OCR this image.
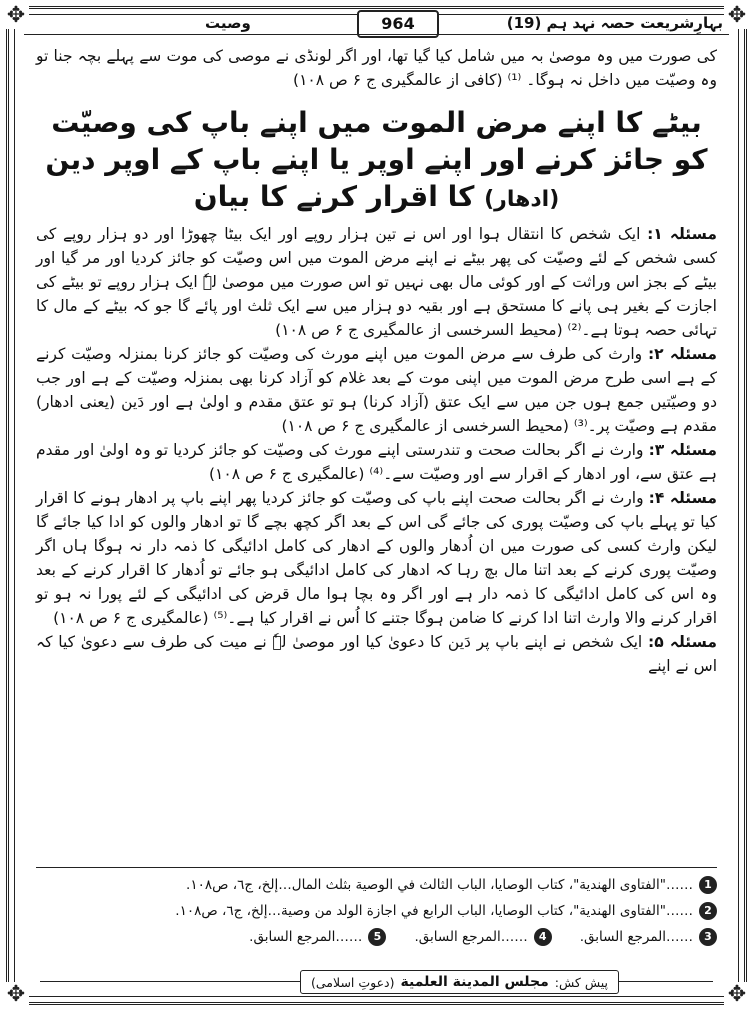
✥	✥
✥	✥
بہارِشریعت حصہ نہد ہم (19)
964
وصیت

کی صورت میں وہ موصیٰ بہ میں شامل کیا گیا تھا، اور اگر لونڈی نے موصی کی موت سے پہلے بچہ جنا تو وہ وصیّت میں داخل نہ ہوگا۔ ⁽¹⁾ (کافی از عالمگیری ج ۶ ص ۱۰۸)

بیٹے کا اپنے مرض الموت میں اپنے باپ کی وصیّت
کو جائز کرنے اور اپنے اوپر یا اپنے باپ کے اوپر دین
(ادھار) کا اقرار کرنے کا بیان

مسئلہ ۱: ایک شخص کا انتقال ہوا اور اس نے تین ہزار روپے اور ایک بیٹا چھوڑا اور دو ہزار روپے کی کسی شخص کے لئے وصیّت کی پھر بیٹے نے اپنے مرض الموت میں اس وصیّت کو جائز کردیا اور مر گیا اور بیٹے کے بجز اس وراثت کے اور کوئی مال بھی نہیں تو اس صورت میں موصیٰ لہٗ ایک ہزار روپے تو بیٹے کی اجازت کے بغیر ہی پانے کا مستحق ہے اور بقیہ دو ہزار میں سے ایک ثلث اور پائے گا جو کہ بیٹے کے مال کا تہائی حصہ ہوتا ہے۔⁽²⁾ (محیط السرخسی از عالمگیری ج ۶ ص ۱۰۸)

مسئلہ ۲: وارث کی طرف سے مرض الموت میں اپنے مورث کی وصیّت کو جائز کرنا بمنزلہ وصیّت کرنے کے ہے اسی طرح مرض الموت میں اپنی موت کے بعد غلام کو آزاد کرنا بھی بمنزلہ وصیّت کے ہے اور جب دو وصیّتیں جمع ہوں جن میں سے ایک عتق (آزاد کرنا) ہو تو عتق مقدم و اولیٰ ہے اور دَین (یعنی ادھار) مقدم ہے وصیّت پر۔⁽³⁾ (محیط السرخسی از عالمگیری ج ۶ ص ۱۰۸)

مسئلہ ۳: وارث نے اگر بحالت صحت و تندرستی اپنے مورث کی وصیّت کو جائز کردیا تو وہ اولیٰ اور مقدم ہے عتق سے، اور ادھار کے اقرار سے اور وصیّت سے۔⁽⁴⁾ (عالمگیری ج ۶ ص ۱۰۸)

مسئلہ ۴: وارث نے اگر بحالت صحت اپنے باپ کی وصیّت کو جائز کردیا پھر اپنے باپ پر ادھار ہونے کا اقرار کیا تو پہلے باپ کی وصیّت پوری کی جائے گی اس کے بعد اگر کچھ بچے گا تو ادھار والوں کو ادا کیا جائے گا لیکن وارث کسی کی صورت میں ان اُدھار والوں کے ادھار کی کامل ادائیگی کا ذمہ دار نہ ہوگا ہاں اگر وصیّت پوری کرنے کے بعد اتنا مال بچ رہا کہ ادھار کی کامل ادائیگی ہو جائے تو اُدھار کا اقرار کرنے کے بعد وہ اس کی کامل ادائیگی کا ذمہ دار ہے اور اگر وہ بچا ہوا مال قرض کی ادائیگی کے لئے پورا نہ ہو تو اقرار کرنے والا وارث اتنا ادا کرنے کا ضامن ہوگا جتنے کا اُس نے اقرار کیا ہے۔⁽⁵⁾ (عالمگیری ج ۶ ص ۱۰۸)

مسئلہ ۵: ایک شخص نے اپنے باپ پر دَین کا دعویٰ کیا اور موصیٰ لہٗ نے میت کی طرف سے دعویٰ کیا کہ اس نے اپنے

1
……"الفتاوى الهندية"، كتاب الوصايا، الباب الثالث في الوصية بثلث المال…إلخ، ج٦، ص١٠٨.
2
……"الفتاوى الهندية"، كتاب الوصايا، الباب الرابع في اجازة الولد من وصية…إلخ، ج٦، ص١٠٨.
3
……المرجع السابق.
4
……المرجع السابق.
5
……المرجع السابق.
پیش کش:
مجلس المدینة العلمیة
(دعوتِ اسلامی)
